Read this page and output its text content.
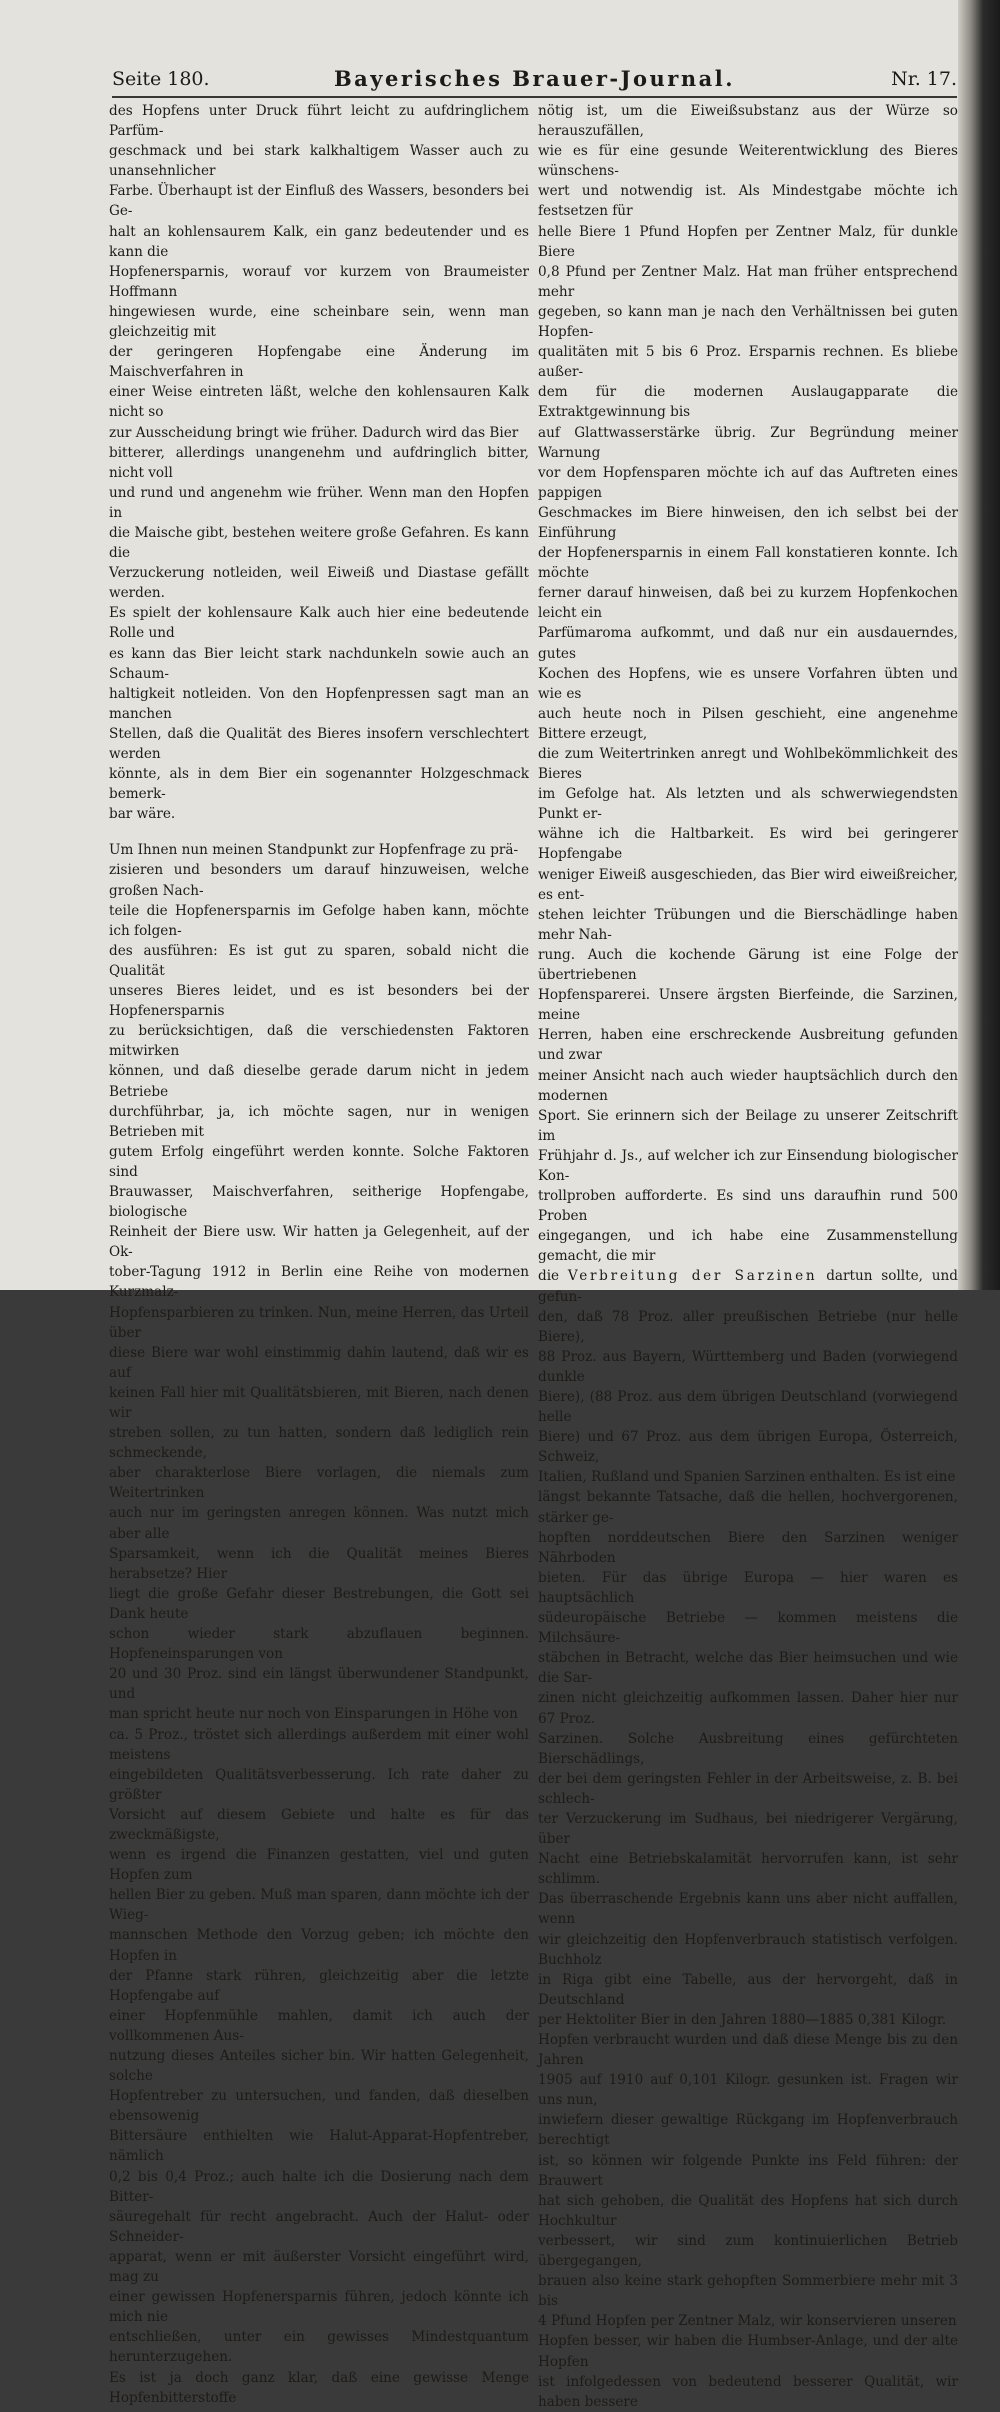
Seite 180.	Bayerisches Brauer-Journal.	Nr. 17.

des Hopfens unter Druck führt leicht zu aufdringlichem Parfüm-
geschmack und bei stark kalkhaltigem Wasser auch zu unansehnlicher
Farbe. Überhaupt ist der Einfluß des Wassers, besonders bei Ge-
halt an kohlensaurem Kalk, ein ganz bedeutender und es kann die
Hopfenersparnis, worauf vor kurzem von Braumeister Hoffmann
hingewiesen wurde, eine scheinbare sein, wenn man gleichzeitig mit
der geringeren Hopfengabe eine Änderung im Maischverfahren in
einer Weise eintreten läßt, welche den kohlensauren Kalk nicht so
zur Ausscheidung bringt wie früher. Dadurch wird das Bier
bitterer, allerdings unangenehm und aufdringlich bitter, nicht voll
und rund und angenehm wie früher. Wenn man den Hopfen in
die Maische gibt, bestehen weitere große Gefahren. Es kann die
Verzuckerung notleiden, weil Eiweiß und Diastase gefällt werden.
Es spielt der kohlensaure Kalk auch hier eine bedeutende Rolle und
es kann das Bier leicht stark nachdunkeln sowie auch an Schaum-
haltigkeit notleiden. Von den Hopfenpressen sagt man an manchen
Stellen, daß die Qualität des Bieres insofern verschlechtert werden
könnte, als in dem Bier ein sogenannter Holzgeschmack bemerk-
bar wäre.

Um Ihnen nun meinen Standpunkt zur Hopfenfrage zu prä-
zisieren und besonders um darauf hinzuweisen, welche großen Nach-
teile die Hopfenersparnis im Gefolge haben kann, möchte ich folgen-
des ausführen: Es ist gut zu sparen, sobald nicht die Qualität
unseres Bieres leidet, und es ist besonders bei der Hopfenersparnis
zu berücksichtigen, daß die verschiedensten Faktoren mitwirken
können, und daß dieselbe gerade darum nicht in jedem Betriebe
durchführbar, ja, ich möchte sagen, nur in wenigen Betrieben mit
gutem Erfolg eingeführt werden konnte. Solche Faktoren sind
Brauwasser, Maischverfahren, seitherige Hopfengabe, biologische
Reinheit der Biere usw. Wir hatten ja Gelegenheit, auf der Ok-
tober-Tagung 1912 in Berlin eine Reihe von modernen Kurzmalz-
Hopfensparbieren zu trinken. Nun, meine Herren, das Urteil über
diese Biere war wohl einstimmig dahin lautend, daß wir es auf
keinen Fall hier mit Qualitätsbieren, mit Bieren, nach denen wir
streben sollen, zu tun hatten, sondern daß lediglich rein schmeckende,
aber charakterlose Biere vorlagen, die niemals zum Weitertrinken
auch nur im geringsten anregen können. Was nutzt mich aber alle
Sparsamkeit, wenn ich die Qualität meines Bieres herabsetze? Hier
liegt die große Gefahr dieser Bestrebungen, die Gott sei Dank heute
schon wieder stark abzuflauen beginnen. Hopfeneinsparungen von
20 und 30 Proz. sind ein längst überwundener Standpunkt, und
man spricht heute nur noch von Einsparungen in Höhe von
ca. 5 Proz., tröstet sich allerdings außerdem mit einer wohl meistens
eingebildeten Qualitätsverbesserung. Ich rate daher zu größter
Vorsicht auf diesem Gebiete und halte es für das zweckmäßigste,
wenn es irgend die Finanzen gestatten, viel und guten Hopfen zum
hellen Bier zu geben. Muß man sparen, dann möchte ich der Wieg-
mannschen Methode den Vorzug geben; ich möchte den Hopfen in
der Pfanne stark rühren, gleichzeitig aber die letzte Hopfengabe auf
einer Hopfenmühle mahlen, damit ich auch der vollkommenen Aus-
nutzung dieses Anteiles sicher bin. Wir hatten Gelegenheit, solche
Hopfentreber zu untersuchen, und fanden, daß dieselben ebensowenig
Bittersäure enthielten wie Halut-Apparat-Hopfentreber, nämlich
0,2 bis 0,4 Proz.; auch halte ich die Dosierung nach dem Bitter-
säuregehalt für recht angebracht. Auch der Halut- oder Schneider-
apparat, wenn er mit äußerster Vorsicht eingeführt wird, mag zu
einer gewissen Hopfenersparnis führen, jedoch könnte ich mich nie
entschließen, unter ein gewisses Mindestquantum herunterzugehen.
Es ist ja doch ganz klar, daß eine gewisse Menge Hopfenbitterstoffe

nötig ist, um die Eiweißsubstanz aus der Würze so herauszufällen,
wie es für eine gesunde Weiterentwicklung des Bieres wünschens-
wert und notwendig ist. Als Mindestgabe möchte ich festsetzen für
helle Biere 1 Pfund Hopfen per Zentner Malz, für dunkle Biere
0,8 Pfund per Zentner Malz. Hat man früher entsprechend mehr
gegeben, so kann man je nach den Verhältnissen bei guten Hopfen-
qualitäten mit 5 bis 6 Proz. Ersparnis rechnen. Es bliebe außer-
dem für die modernen Auslaugapparate die Extraktgewinnung bis
auf Glattwasserstärke übrig. Zur Begründung meiner Warnung
vor dem Hopfensparen möchte ich auf das Auftreten eines pappigen
Geschmackes im Biere hinweisen, den ich selbst bei der Einführung
der Hopfenersparnis in einem Fall konstatieren konnte. Ich möchte
ferner darauf hinweisen, daß bei zu kurzem Hopfenkochen leicht ein
Parfümaroma aufkommt, und daß nur ein ausdauerndes, gutes
Kochen des Hopfens, wie es unsere Vorfahren übten und wie es
auch heute noch in Pilsen geschieht, eine angenehme Bittere erzeugt,
die zum Weitertrinken anregt und Wohlbekömmlichkeit des Bieres
im Gefolge hat. Als letzten und als schwerwiegendsten Punkt er-
wähne ich die Haltbarkeit. Es wird bei geringerer Hopfengabe
weniger Eiweiß ausgeschieden, das Bier wird eiweißreicher, es ent-
stehen leichter Trübungen und die Bierschädlinge haben mehr Nah-
rung. Auch die kochende Gärung ist eine Folge der übertriebenen
Hopfensparerei. Unsere ärgsten Bierfeinde, die Sarzinen, meine
Herren, haben eine erschreckende Ausbreitung gefunden und zwar
meiner Ansicht nach auch wieder hauptsächlich durch den modernen
Sport. Sie erinnern sich der Beilage zu unserer Zeitschrift im
Frühjahr d. Js., auf welcher ich zur Einsendung biologischer Kon-
trollproben aufforderte. Es sind uns daraufhin rund 500 Proben
eingegangen, und ich habe eine Zusammenstellung gemacht, die mir
die Verbreitung der Sarzinen dartun sollte, und gefun-
den, daß 78 Proz. aller preußischen Betriebe (nur helle Biere),
88 Proz. aus Bayern, Württemberg und Baden (vorwiegend dunkle
Biere), (88 Proz. aus dem übrigen Deutschland (vorwiegend helle
Biere) und 67 Proz. aus dem übrigen Europa, Österreich, Schweiz,
Italien, Rußland und Spanien Sarzinen enthalten. Es ist eine
längst bekannte Tatsache, daß die hellen, hochvergorenen, stärker ge-
hopften norddeutschen Biere den Sarzinen weniger Nährboden
bieten. Für das übrige Europa — hier waren es hauptsächlich
südeuropäische Betriebe — kommen meistens die Milchsäure-
stäbchen in Betracht, welche das Bier heimsuchen und wie die Sar-
zinen nicht gleichzeitig aufkommen lassen. Daher hier nur 67 Proz.
Sarzinen. Solche Ausbreitung eines gefürchteten Bierschädlings,
der bei dem geringsten Fehler in der Arbeitsweise, z. B. bei schlech-
ter Verzuckerung im Sudhaus, bei niedrigerer Vergärung, über
Nacht eine Betriebskalamität hervorrufen kann, ist sehr schlimm.
Das überraschende Ergebnis kann uns aber nicht auffallen, wenn
wir gleichzeitig den Hopfenverbrauch statistisch verfolgen. Buchholz
in Riga gibt eine Tabelle, aus der hervorgeht, daß in Deutschland
per Hektoliter Bier in den Jahren 1880—1885 0,381 Kilogr.
Hopfen verbraucht wurden und daß diese Menge bis zu den Jahren
1905 auf 1910 auf 0,101 Kilogr. gesunken ist. Fragen wir uns nun,
inwiefern dieser gewaltige Rückgang im Hopfenverbrauch berechtigt
ist, so können wir folgende Punkte ins Feld führen: der Brauwert
hat sich gehoben, die Qualität des Hopfens hat sich durch Hochkultur
verbessert, wir sind zum kontinuierlichen Betrieb übergegangen,
brauen also keine stark gehopften Sommerbiere mehr mit 3 bis
4 Pfund Hopfen per Zentner Malz, wir konservieren unseren
Hopfen besser, wir haben die Humbser-Anlage, und der alte Hopfen
ist infolgedessen von bedeutend besserer Qualität, wir haben bessere
